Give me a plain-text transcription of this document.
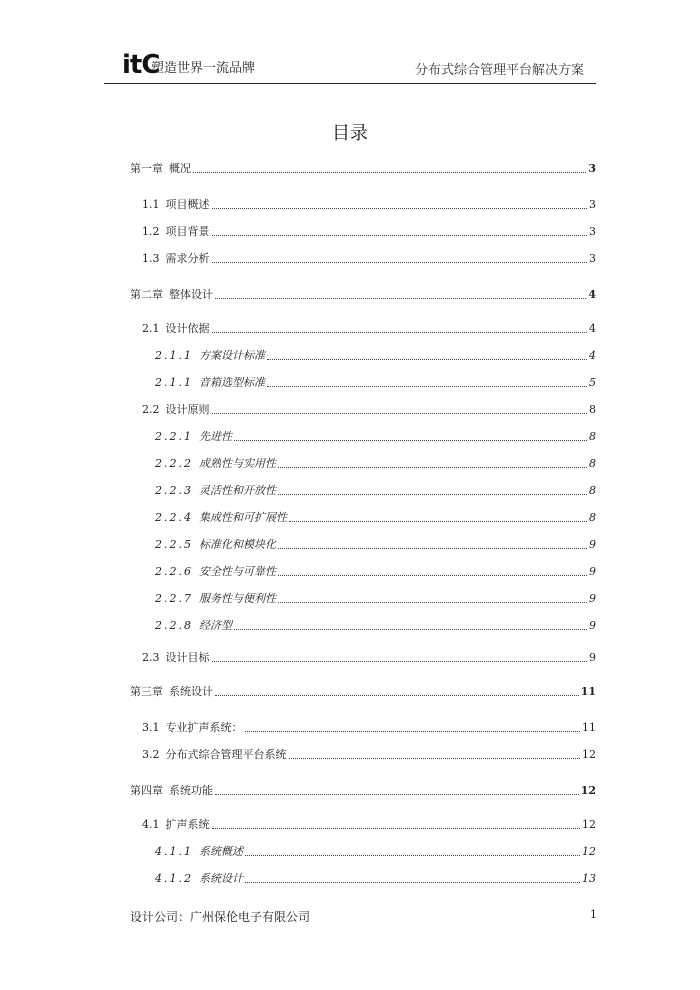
itC
塑造世界一流品牌	分布式综合管理平台解决方案
目录
第一章 概况	3
1.1 项目概述	3
1.2 项目背景	3
1.3 需求分析	3
第二章 整体设计	4
2.1 设计依据	4
2.1.1 方案设计标准	4
2.1.1 音箱选型标准	5
2.2 设计原则	8
2.2.1 先进性	8
2.2.2 成熟性与实用性	8
2.2.3 灵活性和开放性	8
2.2.4 集成性和可扩展性	8
2.2.5 标准化和模块化	9
2.2.6 安全性与可靠性	9
2.2.7 服务性与便利性	9
2.2.8 经济型	9
2.3 设计目标	9
第三章 系统设计	11
3.1 专业扩声系统：	11
3.2 分布式综合管理平台系统	12
第四章 系统功能	12
4.1 扩声系统	12
4.1.1 系统概述	12
4.1.2 系统设计	13
设计公司：广州保伦电子有限公司	1
